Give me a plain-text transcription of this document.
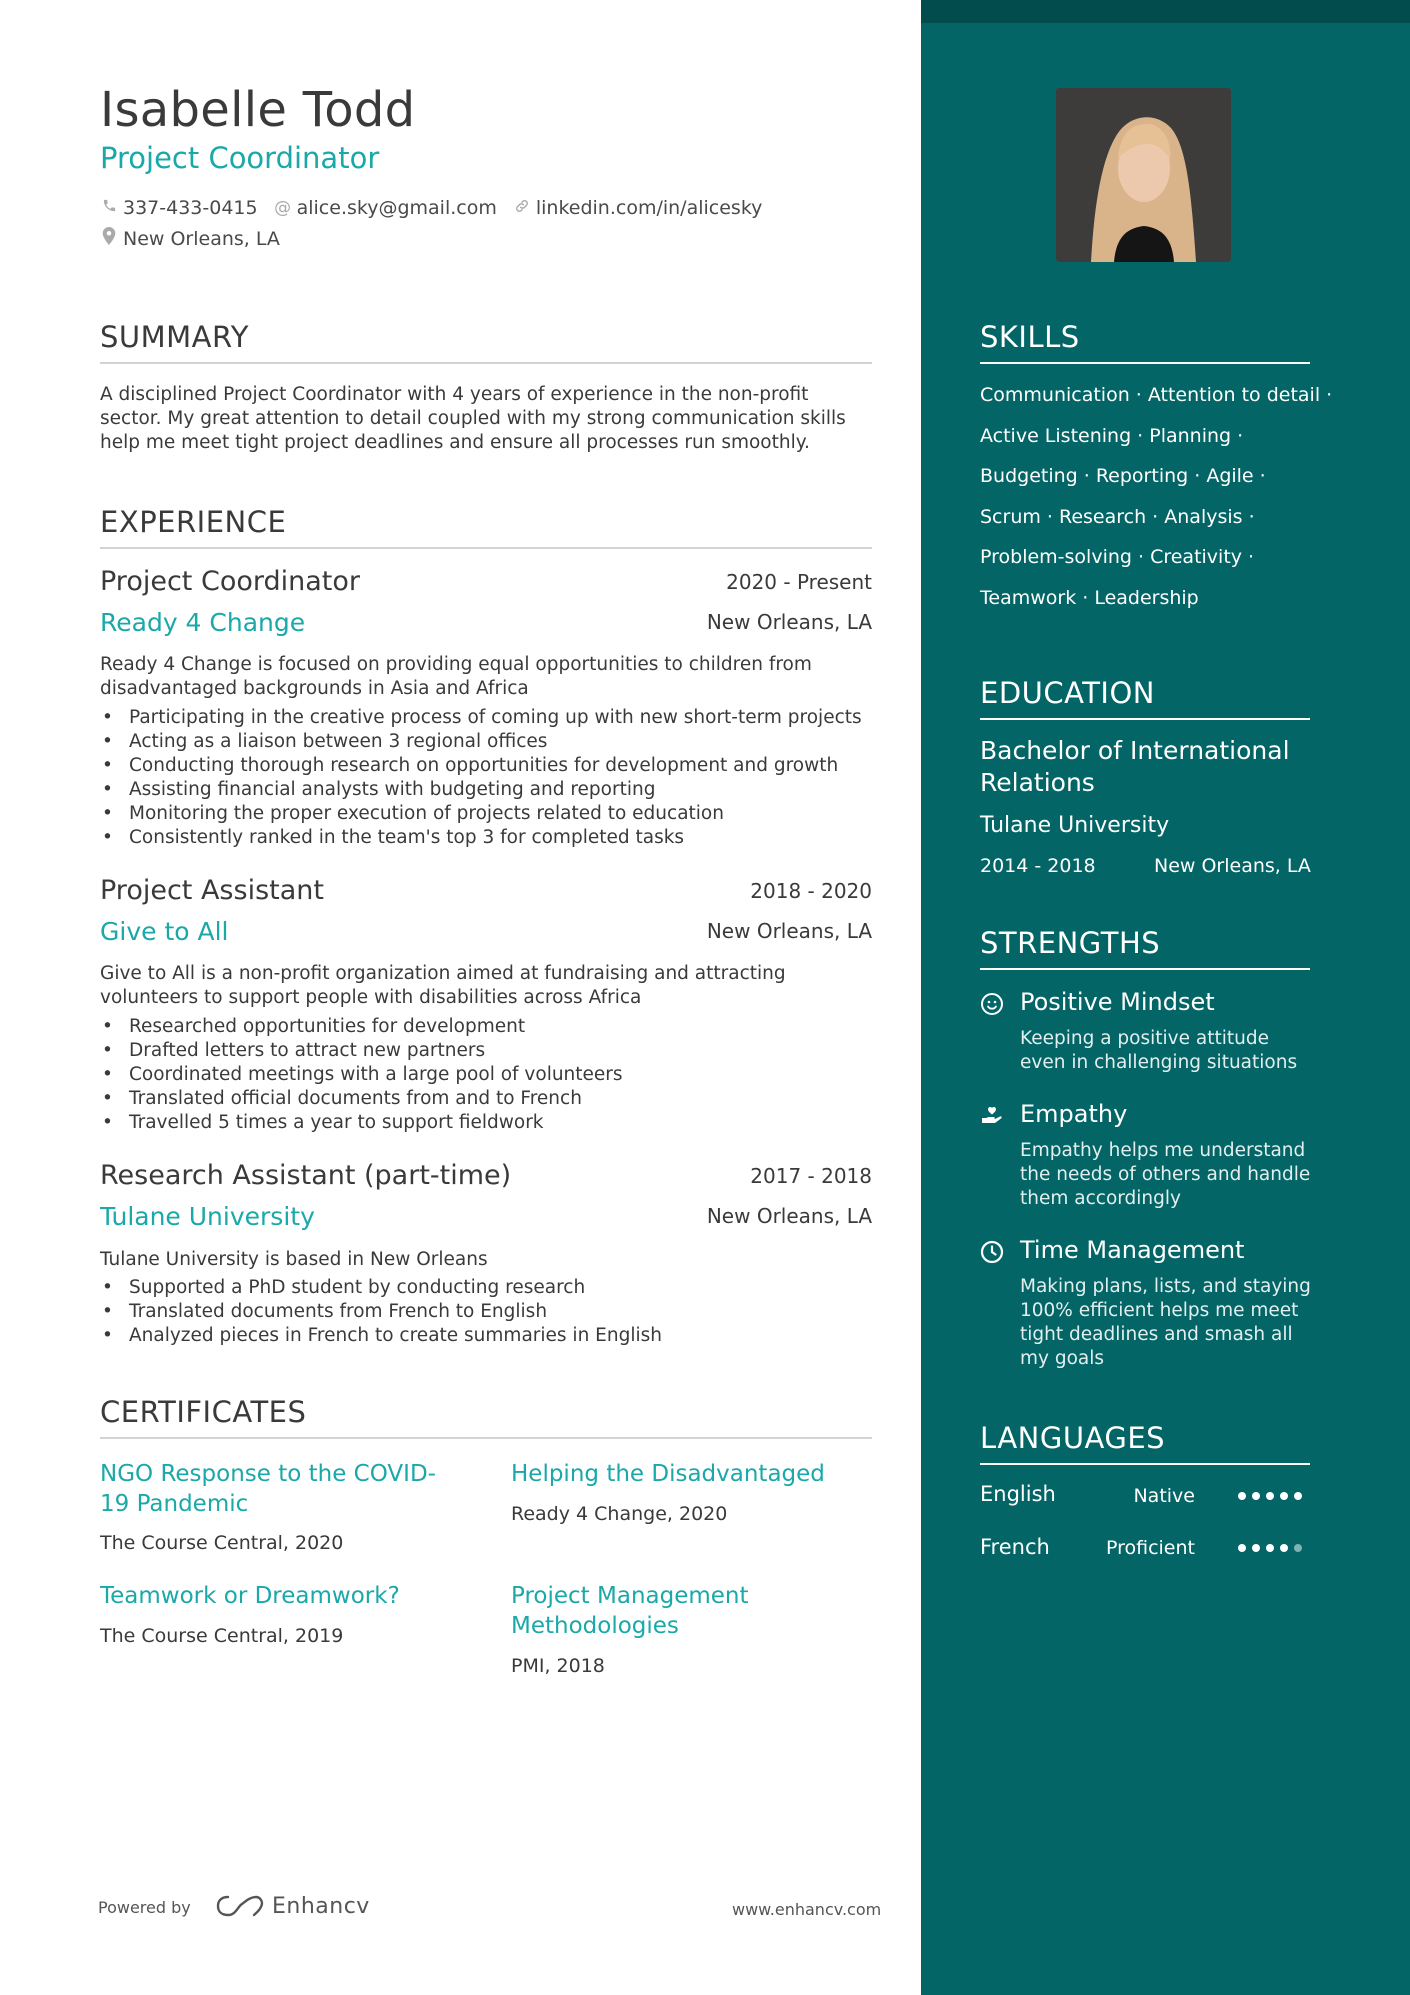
Isabelle Todd
Project Coordinator
337-433-0415 @ alice.sky@gmail.com linkedin.com/in/alicesky
New Orleans, LA
SUMMARY
A disciplined Project Coordinator with 4 years of experience in the non-profit sector. My great attention to detail coupled with my strong communication skills help me meet tight project deadlines and ensure all processes run smoothly.
EXPERIENCE
Project Coordinator	2020 - Present
Ready 4 Change	New Orleans, LA
Ready 4 Change is focused on providing equal opportunities to children from disadvantaged backgrounds in Asia and Africa
• Participating in the creative process of coming up with new short-term projects
• Acting as a liaison between 3 regional offices
• Conducting thorough research on opportunities for development and growth
• Assisting financial analysts with budgeting and reporting
• Monitoring the proper execution of projects related to education
• Consistently ranked in the team's top 3 for completed tasks
Project Assistant	2018 - 2020
Give to All	New Orleans, LA
Give to All is a non-profit organization aimed at fundraising and attracting volunteers to support people with disabilities across Africa
• Researched opportunities for development
• Drafted letters to attract new partners
• Coordinated meetings with a large pool of volunteers
• Translated official documents from and to French
• Travelled 5 times a year to support fieldwork
Research Assistant (part-time)	2017 - 2018
Tulane University	New Orleans, LA
Tulane University is based in New Orleans
• Supported a PhD student by conducting research
• Translated documents from French to English
• Analyzed pieces in French to create summaries in English
CERTIFICATES
NGO Response to the COVID-19 Pandemic
The Course Central, 2020
Helping the Disadvantaged
Ready 4 Change, 2020
Teamwork or Dreamwork?
The Course Central, 2019
Project Management Methodologies
PMI, 2018
Powered by	Enhancv	www.enhancv.com
SKILLS
Communication · Attention to detail ·
Active Listening · Planning ·
Budgeting · Reporting · Agile ·
Scrum · Research · Analysis ·
Problem-solving · Creativity ·
Teamwork · Leadership
EDUCATION
Bachelor of International Relations
Tulane University
2014 - 2018	New Orleans, LA
STRENGTHS
Positive Mindset
Keeping a positive attitude even in challenging situations
Empathy
Empathy helps me understand the needs of others and handle them accordingly
Time Management
Making plans, lists, and staying 100% efficient helps me meet tight deadlines and smash all my goals
LANGUAGES
English	Native
French	Proficient
